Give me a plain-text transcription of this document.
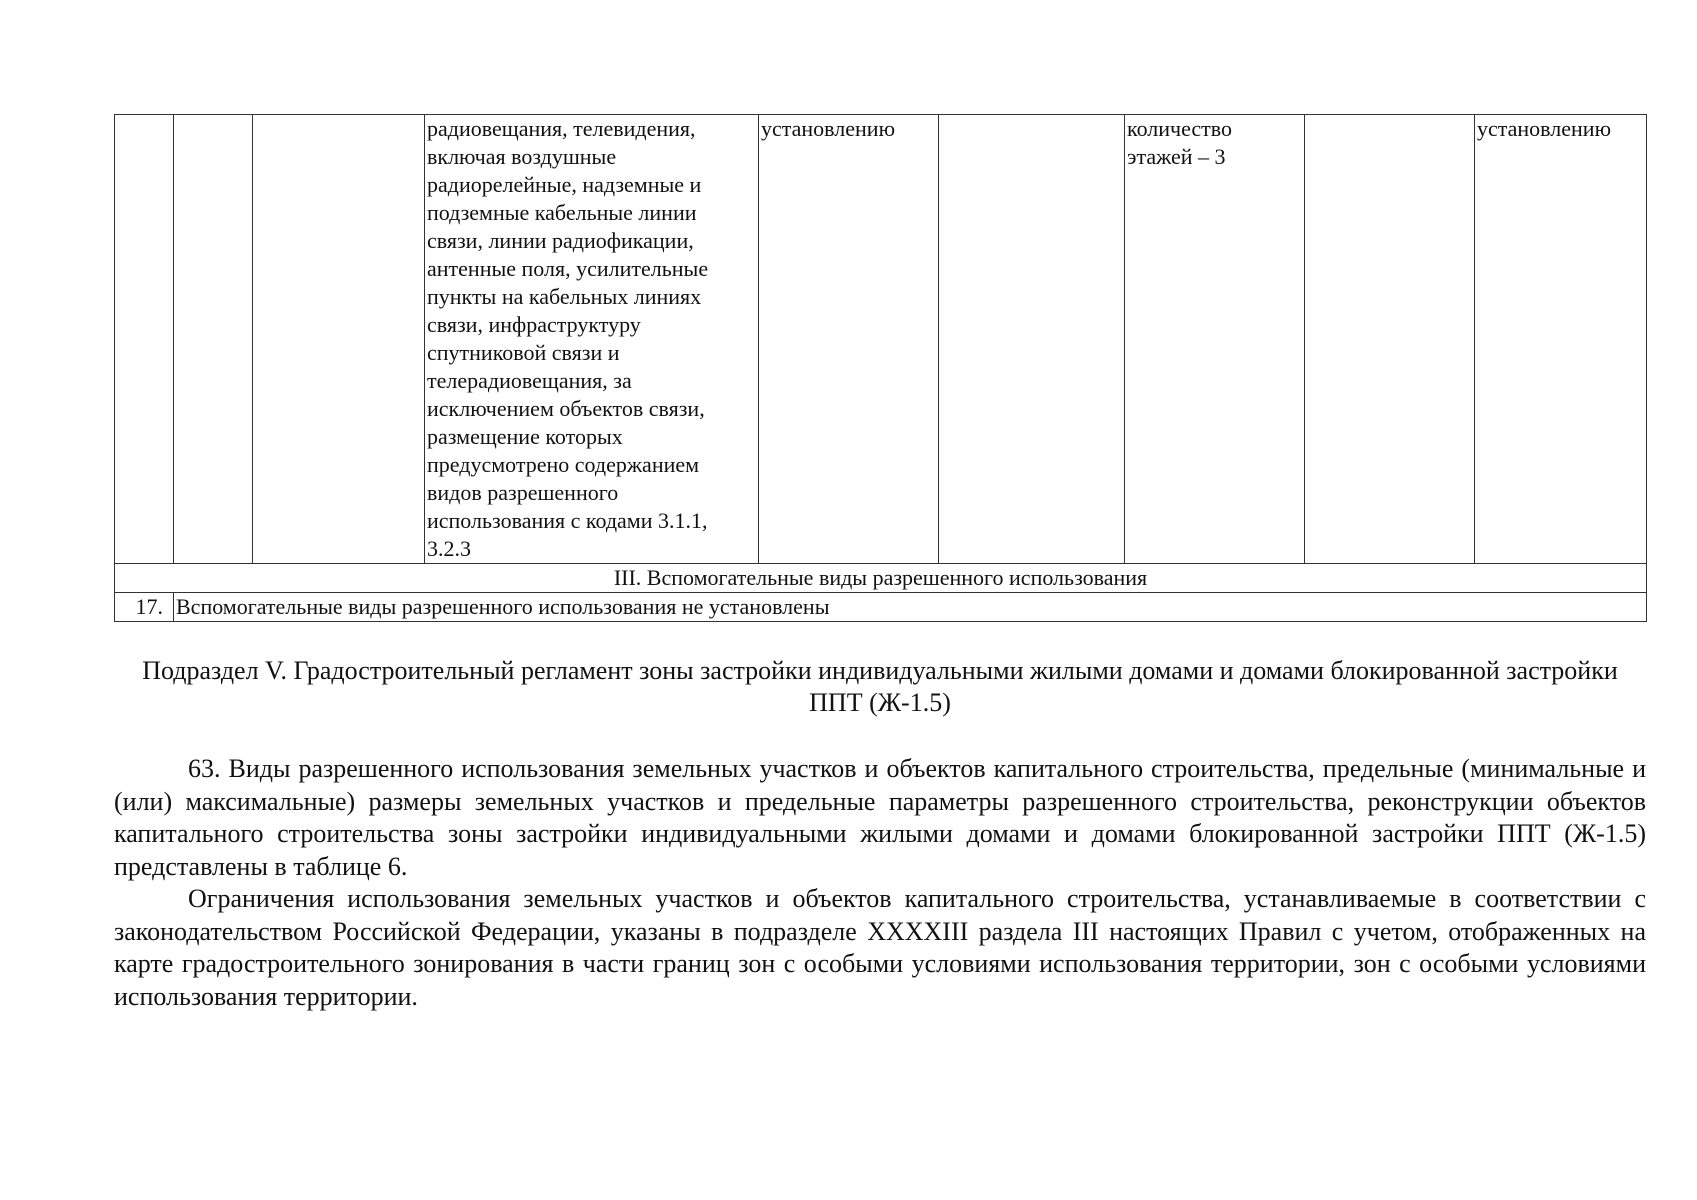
			радиовещания, телевидения, включая воздушные радиорелейные, надземные и подземные кабельные линии связи, линии радиофикации, антенные поля, усилительные пункты на кабельных линиях связи, инфраструктуру спутниковой связи и телерадиовещания, за исключением объектов связи, размещение которых предусмотрено содержанием видов разрешенного использования с кодами 3.1.1, 3.2.3	установлению		количество этажей – 3		установлению
III. Вспомогательные виды разрешенного использования								
17.	Вспомогательные виды разрешенного использования не установлены							
Подраздел V. Градостроительный регламент зоны застройки индивидуальными жилыми домами и домами блокированной застройки ППТ (Ж-1.5)

63. Виды разрешенного использования земельных участков и объектов капитального строительства, предельные (минимальные и (или) максимальные) размеры земельных участков и предельные параметры разрешенного строительства, реконструкции объектов капитального строительства зоны застройки индивидуальными жилыми домами и домами блокированной застройки ППТ (Ж-1.5) представлены в таблице 6.

Ограничения использования земельных участков и объектов капитального строительства, устанавливаемые в соответствии с законодательством Российской Федерации, указаны в подразделе XXXXIII раздела III настоящих Правил с учетом, отображенных на карте градостроительного зонирования в части границ зон с особыми условиями использования территории, зон с особыми условиями использования территории.
